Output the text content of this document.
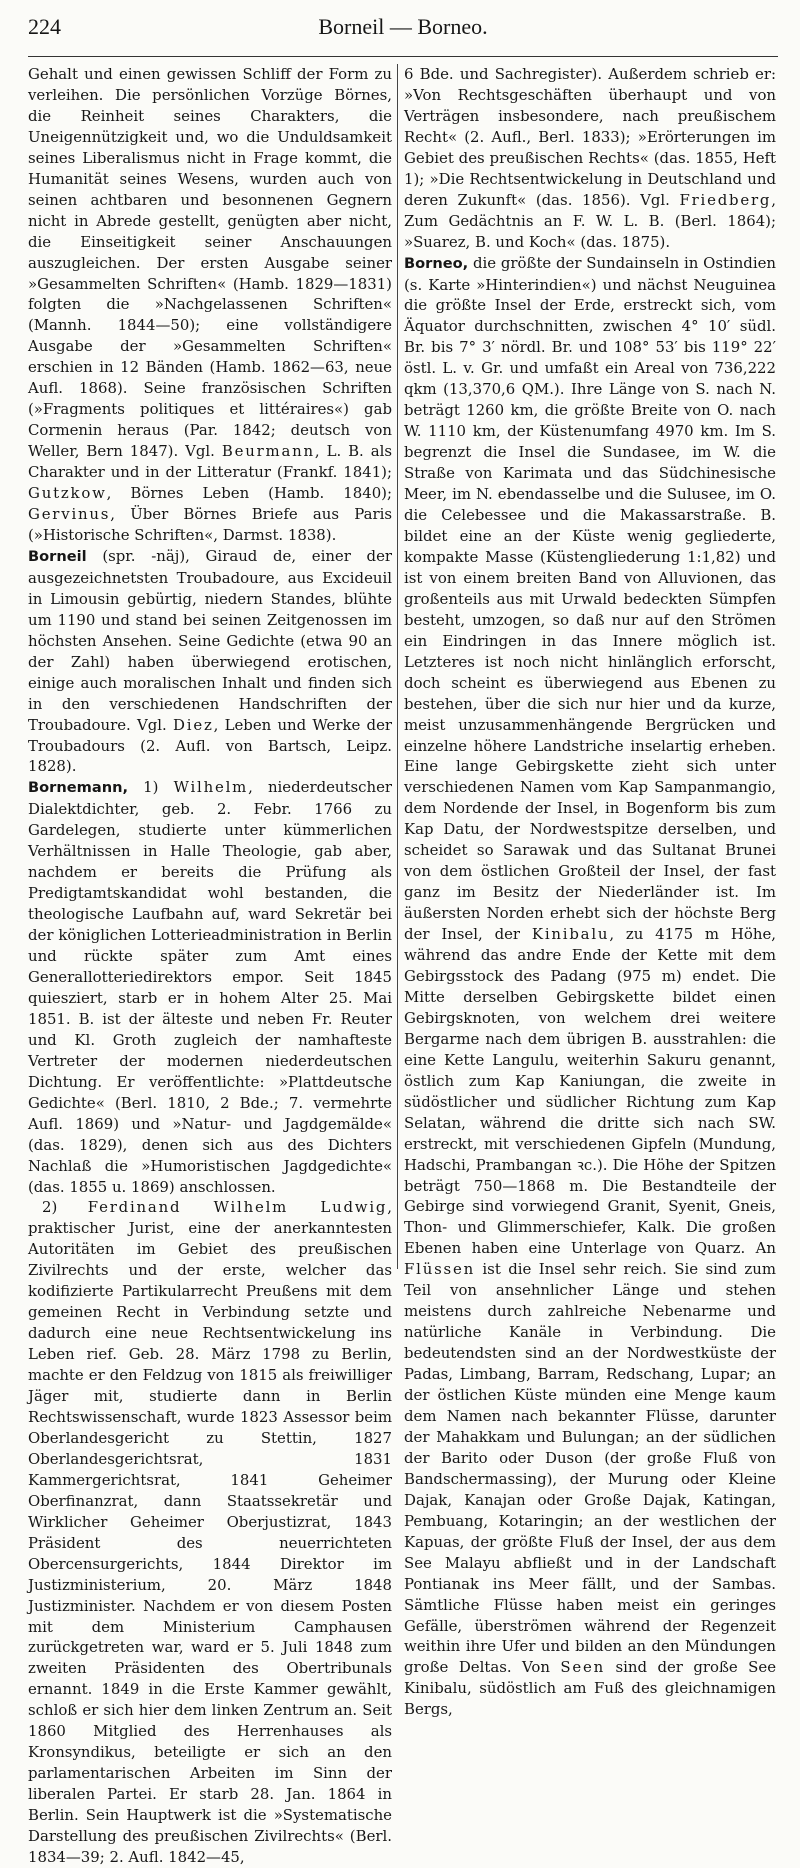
224	Borneil — Borneo.

Gehalt und einen gewissen Schliff der Form zu verleihen. Die persönlichen Vorzüge Börnes, die Reinheit seines Charakters, die Uneigennützigkeit und, wo die Unduldsamkeit seines Liberalismus nicht in Frage kommt, die Humanität seines Wesens, wurden auch von seinen achtbaren und besonnenen Gegnern nicht in Abrede gestellt, genügten aber nicht, die Einseitigkeit seiner Anschauungen auszugleichen. Der ersten Ausgabe seiner »Gesammelten Schriften« (Hamb. 1829—1831) folgten die »Nachgelassenen Schriften« (Mannh. 1844—50); eine vollständigere Ausgabe der »Gesammelten Schriften« erschien in 12 Bänden (Hamb. 1862—63, neue Aufl. 1868). Seine französischen Schriften (»Fragments politiques et littéraires«) gab Cormenin heraus (Par. 1842; deutsch von Weller, Bern 1847). Vgl. Beurmann, L. B. als Charakter und in der Litteratur (Frankf. 1841); Gutzkow, Börnes Leben (Hamb. 1840); Gervinus, Über Börnes Briefe aus Paris (»Historische Schriften«, Darmst. 1838).

Borneil (spr. -näj), Giraud de, einer der ausgezeichnetsten Troubadoure, aus Excideuil in Limousin gebürtig, niedern Standes, blühte um 1190 und stand bei seinen Zeitgenossen im höchsten Ansehen. Seine Gedichte (etwa 90 an der Zahl) haben überwiegend erotischen, einige auch moralischen Inhalt und finden sich in den verschiedenen Handschriften der Troubadoure. Vgl. Diez, Leben und Werke der Troubadours (2. Aufl. von Bartsch, Leipz. 1828).

Bornemann, 1) Wilhelm, niederdeutscher Dialektdichter, geb. 2. Febr. 1766 zu Gardelegen, studierte unter kümmerlichen Verhältnissen in Halle Theologie, gab aber, nachdem er bereits die Prüfung als Predigtamtskandidat wohl bestanden, die theologische Laufbahn auf, ward Sekretär bei der königlichen Lotterieadministration in Berlin und rückte später zum Amt eines Generallotteriedirektors empor. Seit 1845 quiesziert, starb er in hohem Alter 25. Mai 1851. B. ist der älteste und neben Fr. Reuter und Kl. Groth zugleich der namhafteste Vertreter der modernen niederdeutschen Dichtung. Er veröffentlichte: »Plattdeutsche Gedichte« (Berl. 1810, 2 Bde.; 7. vermehrte Aufl. 1869) und »Natur- und Jagdgemälde« (das. 1829), denen sich aus des Dichters Nachlaß die »Humoristischen Jagdgedichte« (das. 1855 u. 1869) anschlossen.

2) Ferdinand Wilhelm Ludwig, praktischer Jurist, eine der anerkanntesten Autoritäten im Gebiet des preußischen Zivilrechts und der erste, welcher das kodifizierte Partikularrecht Preußens mit dem gemeinen Recht in Verbindung setzte und dadurch eine neue Rechtsentwickelung ins Leben rief. Geb. 28. März 1798 zu Berlin, machte er den Feldzug von 1815 als freiwilliger Jäger mit, studierte dann in Berlin Rechtswissenschaft, wurde 1823 Assessor beim Oberlandesgericht zu Stettin, 1827 Oberlandesgerichtsrat, 1831 Kammergerichtsrat, 1841 Geheimer Oberfinanzrat, dann Staatssekretär und Wirklicher Geheimer Oberjustizrat, 1843 Präsident des neuerrichteten Obercensurgerichts, 1844 Direktor im Justizministerium, 20. März 1848 Justizminister. Nachdem er von diesem Posten mit dem Ministerium Camphausen zurückgetreten war, ward er 5. Juli 1848 zum zweiten Präsidenten des Obertribunals ernannt. 1849 in die Erste Kammer gewählt, schloß er sich hier dem linken Zentrum an. Seit 1860 Mitglied des Herrenhauses als Kronsyndikus, beteiligte er sich an den parlamentarischen Arbeiten im Sinn der liberalen Partei. Er starb 28. Jan. 1864 in Berlin. Sein Hauptwerk ist die »Systematische Darstellung des preußischen Zivilrechts« (Berl. 1834—39; 2. Aufl. 1842—45,

6 Bde. und Sachregister). Außerdem schrieb er: »Von Rechtsgeschäften überhaupt und von Verträgen insbesondere, nach preußischem Recht« (2. Aufl., Berl. 1833); »Erörterungen im Gebiet des preußischen Rechts« (das. 1855, Heft 1); »Die Rechtsentwickelung in Deutschland und deren Zukunft« (das. 1856). Vgl. Friedberg, Zum Gedächtnis an F. W. L. B. (Berl. 1864); »Suarez, B. und Koch« (das. 1875).

Borneo, die größte der Sundainseln in Ostindien (s. Karte »Hinterindien«) und nächst Neuguinea die größte Insel der Erde, erstreckt sich, vom Äquator durchschnitten, zwischen 4° 10′ südl. Br. bis 7° 3′ nördl. Br. und 108° 53′ bis 119° 22′ östl. L. v. Gr. und umfaßt ein Areal von 736,222 qkm (13,370,6 QM.). Ihre Länge von S. nach N. beträgt 1260 km, die größte Breite von O. nach W. 1110 km, der Küstenumfang 4970 km. Im S. begrenzt die Insel die Sundasee, im W. die Straße von Karimata und das Südchinesische Meer, im N. ebendasselbe und die Sulusee, im O. die Celebessee und die Makassarstraße. B. bildet eine an der Küste wenig gegliederte, kompakte Masse (Küstengliederung 1:1,82) und ist von einem breiten Band von Alluvionen, das großenteils aus mit Urwald bedeckten Sümpfen besteht, umzogen, so daß nur auf den Strömen ein Eindringen in das Innere möglich ist. Letzteres ist noch nicht hinlänglich erforscht, doch scheint es überwiegend aus Ebenen zu bestehen, über die sich nur hier und da kurze, meist unzusammenhängende Bergrücken und einzelne höhere Landstriche inselartig erheben. Eine lange Gebirgskette zieht sich unter verschiedenen Namen vom Kap Sampanmangio, dem Nordende der Insel, in Bogenform bis zum Kap Datu, der Nordwestspitze derselben, und scheidet so Sarawak und das Sultanat Brunei von dem östlichen Großteil der Insel, der fast ganz im Besitz der Niederländer ist. Im äußersten Norden erhebt sich der höchste Berg der Insel, der Kinibalu, zu 4175 m Höhe, während das andre Ende der Kette mit dem Gebirgsstock des Padang (975 m) endet. Die Mitte derselben Gebirgskette bildet einen Gebirgsknoten, von welchem drei weitere Bergarme nach dem übrigen B. ausstrahlen: die eine Kette Langulu, weiterhin Sakuru genannt, östlich zum Kap Kaniungan, die zweite in südöstlicher und südlicher Richtung zum Kap Selatan, während die dritte sich nach SW. erstreckt, mit verschiedenen Gipfeln (Mundung, Hadschi, Prambangan ꝛc.). Die Höhe der Spitzen beträgt 750—1868 m. Die Bestandteile der Gebirge sind vorwiegend Granit, Syenit, Gneis, Thon- und Glimmerschiefer, Kalk. Die großen Ebenen haben eine Unterlage von Quarz. An Flüssen ist die Insel sehr reich. Sie sind zum Teil von ansehnlicher Länge und stehen meistens durch zahlreiche Nebenarme und natürliche Kanäle in Verbindung. Die bedeutendsten sind an der Nordwestküste der Padas, Limbang, Barram, Redschang, Lupar; an der östlichen Küste münden eine Menge kaum dem Namen nach bekannter Flüsse, darunter der Mahakkam und Bulungan; an der südlichen der Barito oder Duson (der große Fluß von Bandschermassing), der Murung oder Kleine Dajak, Kanajan oder Große Dajak, Katingan, Pembuang, Kotaringin; an der westlichen der Kapuas, der größte Fluß der Insel, der aus dem See Malayu abfließt und in der Landschaft Pontianak ins Meer fällt, und der Sambas. Sämtliche Flüsse haben meist ein geringes Gefälle, überströmen während der Regenzeit weithin ihre Ufer und bilden an den Mündungen große Deltas. Von Seen sind der große See Kinibalu, südöstlich am Fuß des gleichnamigen Bergs,
